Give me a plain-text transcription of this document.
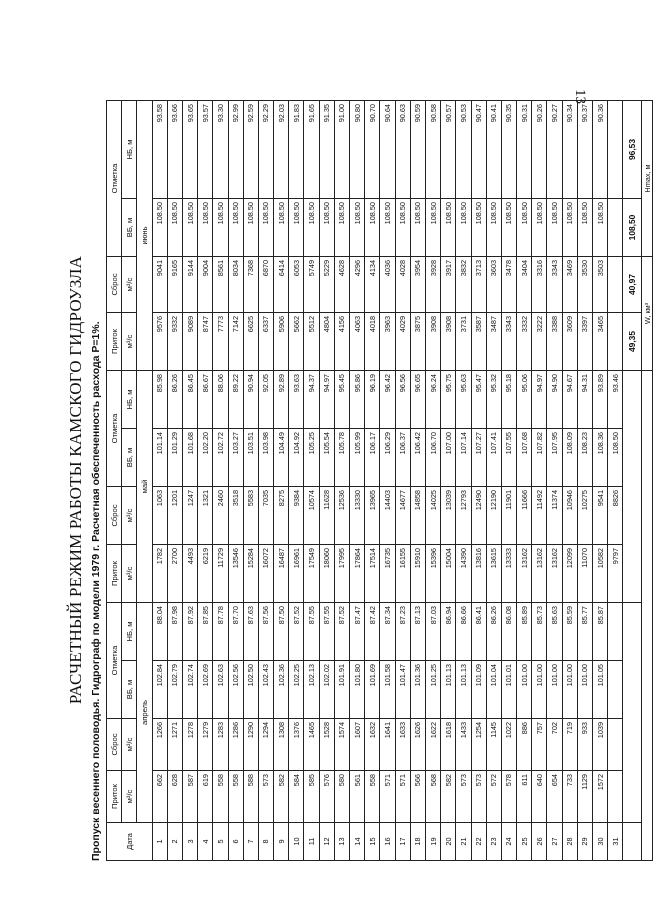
13
РАСЧЕТНЫЙ РЕЖИМ РАБОТЫ КАМСКОГО ГИДРОУЗЛА Пропуск весеннего половодья. Гидрограф по модели 1979 г. Расчетная обеспеченность расхода P=1%.	Дата	Приток	Сброс	Отметка		Приток	Сброс	Отметка		Приток	Сброс	Отметка	
	м³/с	м³/с	ВБ, м	НБ, м	м³/с	м³/с	ВБ, м	НБ, м	м³/с	м³/с	ВБ, м	НБ, м
	апрель				май				июнь			
1	662	1266	102.84	88.04	1782	1063	101.14	85.98	9576	9041	108.50	93.58
2	628	1271	102.79	87.98	2700	1201	101.29	86.26	9332	9165	108.50	93.66
3	587	1278	102.74	87.92	4493	1247	101.68	86.45	9089	9144	108.50	93.65
4	619	1279	102.69	87.85	6219	1321	102.20	86.67	8747	9004	108.50	93.57
5	558	1283	102.63	87.78	11729	2460	102.72	88.06	7773	8561	108.50	93.30
6	558	1286	102.56	87.70	13546	3518	103.27	89.22	7142	8034	108.50	92.99
7	588	1290	102.50	87.63	15284	5583	103.51	90.94	6625	7368	108.50	92.59
8	573	1294	102.43	87.56	16072	7035	103.98	92.05	6337	6870	108.50	92.29
9	582	1308	102.36	87.50	16487	8275	104.49	92.89	5906	6414	108.50	92.03
10	584	1376	102.25	87.52	16961	9384	104.92	93.63	5662	6053	108.50	91.83
11	585	1465	102.13	87.55	17549	10574	105.25	94.37	5512	5749	108.50	91.65
12	576	1528	102.02	87.55	18060	11628	105.54	94.97	4804	5229	108.50	91.35
13	580	1574	101.91	87.52	17995	12536	105.78	95.45	4156	4628	108.50	91.00
14	561	1607	101.80	87.47	17864	13330	105.99	95.86	4063	4296	108.50	90.80
15	558	1632	101.69	87.42	17514	13965	106.17	96.19	4018	4134	108.50	90.70
16	571	1641	101.58	87.34	16735	14403	106.29	96.42	3963	4036	108.50	90.64
17	571	1633	101.47	87.23	16155	14677	106.37	96.56	4029	4028	108.50	90.63
18	566	1626	101.36	87.13	15910	14858	106.42	96.65	3875	3954	108.50	90.59
19	568	1622	101.25	87.03	15396	14025	106.70	96.24	3908	3928	108.50	90.58
20	582	1618	101.13	86.94	15004	13039	107.00	95.75	3908	3917	108.50	90.57
21	573	1433	101.13	86.66	14390	12793	107.14	95.63	3731	3832	108.50	90.53
22	573	1254	101.09	86.41	13816	12490	107.27	95.47	3587	3713	108.50	90.47
23	572	1145	101.04	86.26	13615	12190	107.41	95.32	3487	3603	108.50	90.41
24	578	1022	101.01	86.08	13333	11901	107.55	95.18	3343	3478	108.50	90.35
25	611	886	101.00	85.89	13162	11666	107.68	95.06	3332	3404	108.50	90.31
26	640	757	101.00	85.73	13162	11492	107.82	94.97	3222	3316	108.50	90.26
27	654	702	101.00	85.63	13162	11374	107.95	94.90	3388	3343	108.50	90.27
28	733	719	101.00	85.59	12099	10946	108.09	94.67	3609	3469	108.50	90.34
29	1129	933	101.00	85.77	11070	10275	108.23	94.31	3397	3530	108.50	90.37
30	1572	1039	101.05	85.87	10582	9541	108.36	93.89	3465	3503	108.50	90.36
31					9797	8826	108.50	93.46				
									49,35	40,97	108,50	96,53
									W, км³		Hmax, м	
